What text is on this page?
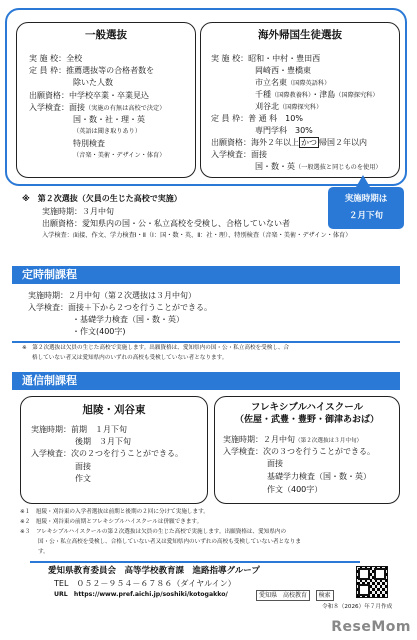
一般選抜
実 施 校：全校
定 員 枠：推薦選抜等の合格者数を
除いた人数
出願資格：中学校卒業・卒業見込
入学検査：面接（実施の有無は高校で決定）
国・数・社・理・英
（英語は聞き取りあり）
特別検査
（音楽・美術・デザイン・体育）
海外帰国生徒選抜
実 施 校：昭和・中村・豊田西
岡崎西・豊橋東
市立名東（国際英語科）
千種（国際教養科）・津島（国際探究科）
刈谷北（国際探究科）
定 員 枠：普 通 科　10%
専門学科　30%
出願資格：海外２年以上 かつ 帰国２年以内
入学検査：面接
国・数・英（一般選抜と同じものを使用）
実施時期は
２月下旬
※　 第２次選抜（欠員の生じた高校で実施）
実施時期：３月中旬
出願資格：愛知県内の国・公・私立高校を受検し、合格していない者
入学検査：面接、作文、学力検査Ⅰ・Ⅱ（Ⅰ：国・数・英、Ⅱ：社・理）、特別検査（音楽・美術・デザイン・体育）
定時制課程
実施時期：２月中旬（第２次選抜は３月中旬）
入学検査：面接＋下から２つを行うことができる。
・基礎学力検査（国・数・英）
・作文(400字)
※　第２次選抜は欠員の生じた高校で実施します。出願資格は、愛知県内の国・公・私立高校を受検し、合
格していない者又は愛知県内のいずれの高校も受検していない者となります。
通信制課程
旭陵・刈谷東
実施時期：前期　１月下旬
後期　３月下旬
入学検査：次の２つを行うことができる。
面接
作文
フレキシブルハイスクール
（佐屋・武豊・豊野・御津あおば）
実施時期：２月中旬（第２次選抜は３月中旬）
入学検査：次の３つを行うことができる。
面接
基礎学力検査（国・数・英）
作文（400字）
※１　旭陵・刈谷東の入学者選抜は前期と後期の２回に分けて実施します。
※２　旭陵・刈谷東の前期とフレキシブルハイスクールは併願できます。
※３　フレキシブルハイスクールの第２次選抜は欠員の生じた高校で実施します。出願資格は、愛知県内の
国・公・私立高校を受検し、合格していない者又は愛知県内のいずれの高校も受検していない者となりま
す。
愛知県教育委員会　高等学校教育課　進路指導グループ
TEL　０５２－９５４－６７８６（ダイヤルイン）
URL　https://www.pref.aichi.jp/soshiki/kotogakko/	愛知県　高校教育 検索
令和８（2026）年７月作成
ReseMom
